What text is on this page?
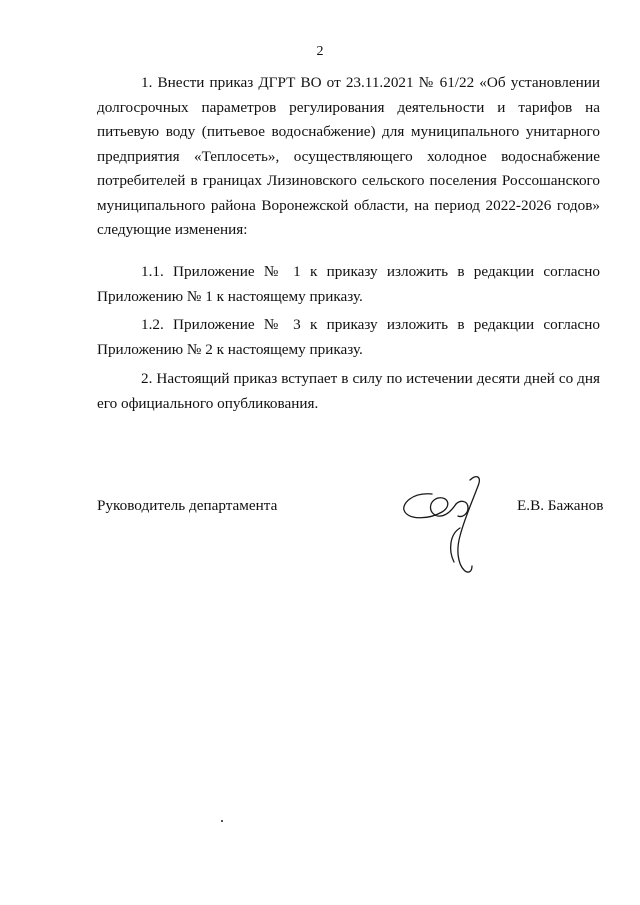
2

1. Внести приказ ДГРТ ВО от 23.11.2021 № 61/22 «Об установлении долгосрочных параметров регулирования деятельности и тарифов на питьевую воду (питьевое водоснабжение) для муниципального унитарного предприятия «Теплосеть», осуществляющего холодное водоснабжение потребителей в границах Лизиновского сельского поселения Россошанского муниципального района Воронежской области, на период 2022-2026 годов» следующие изменения:

1.1. Приложение № 1 к приказу изложить в редакции согласно Приложению № 1 к настоящему приказу.

1.2. Приложение № 3 к приказу изложить в редакции согласно Приложению № 2 к настоящему приказу.

2. Настоящий приказ вступает в силу по истечении десяти дней со дня его официального опубликования.

Руководитель департамента	Е.В. Бажанов
